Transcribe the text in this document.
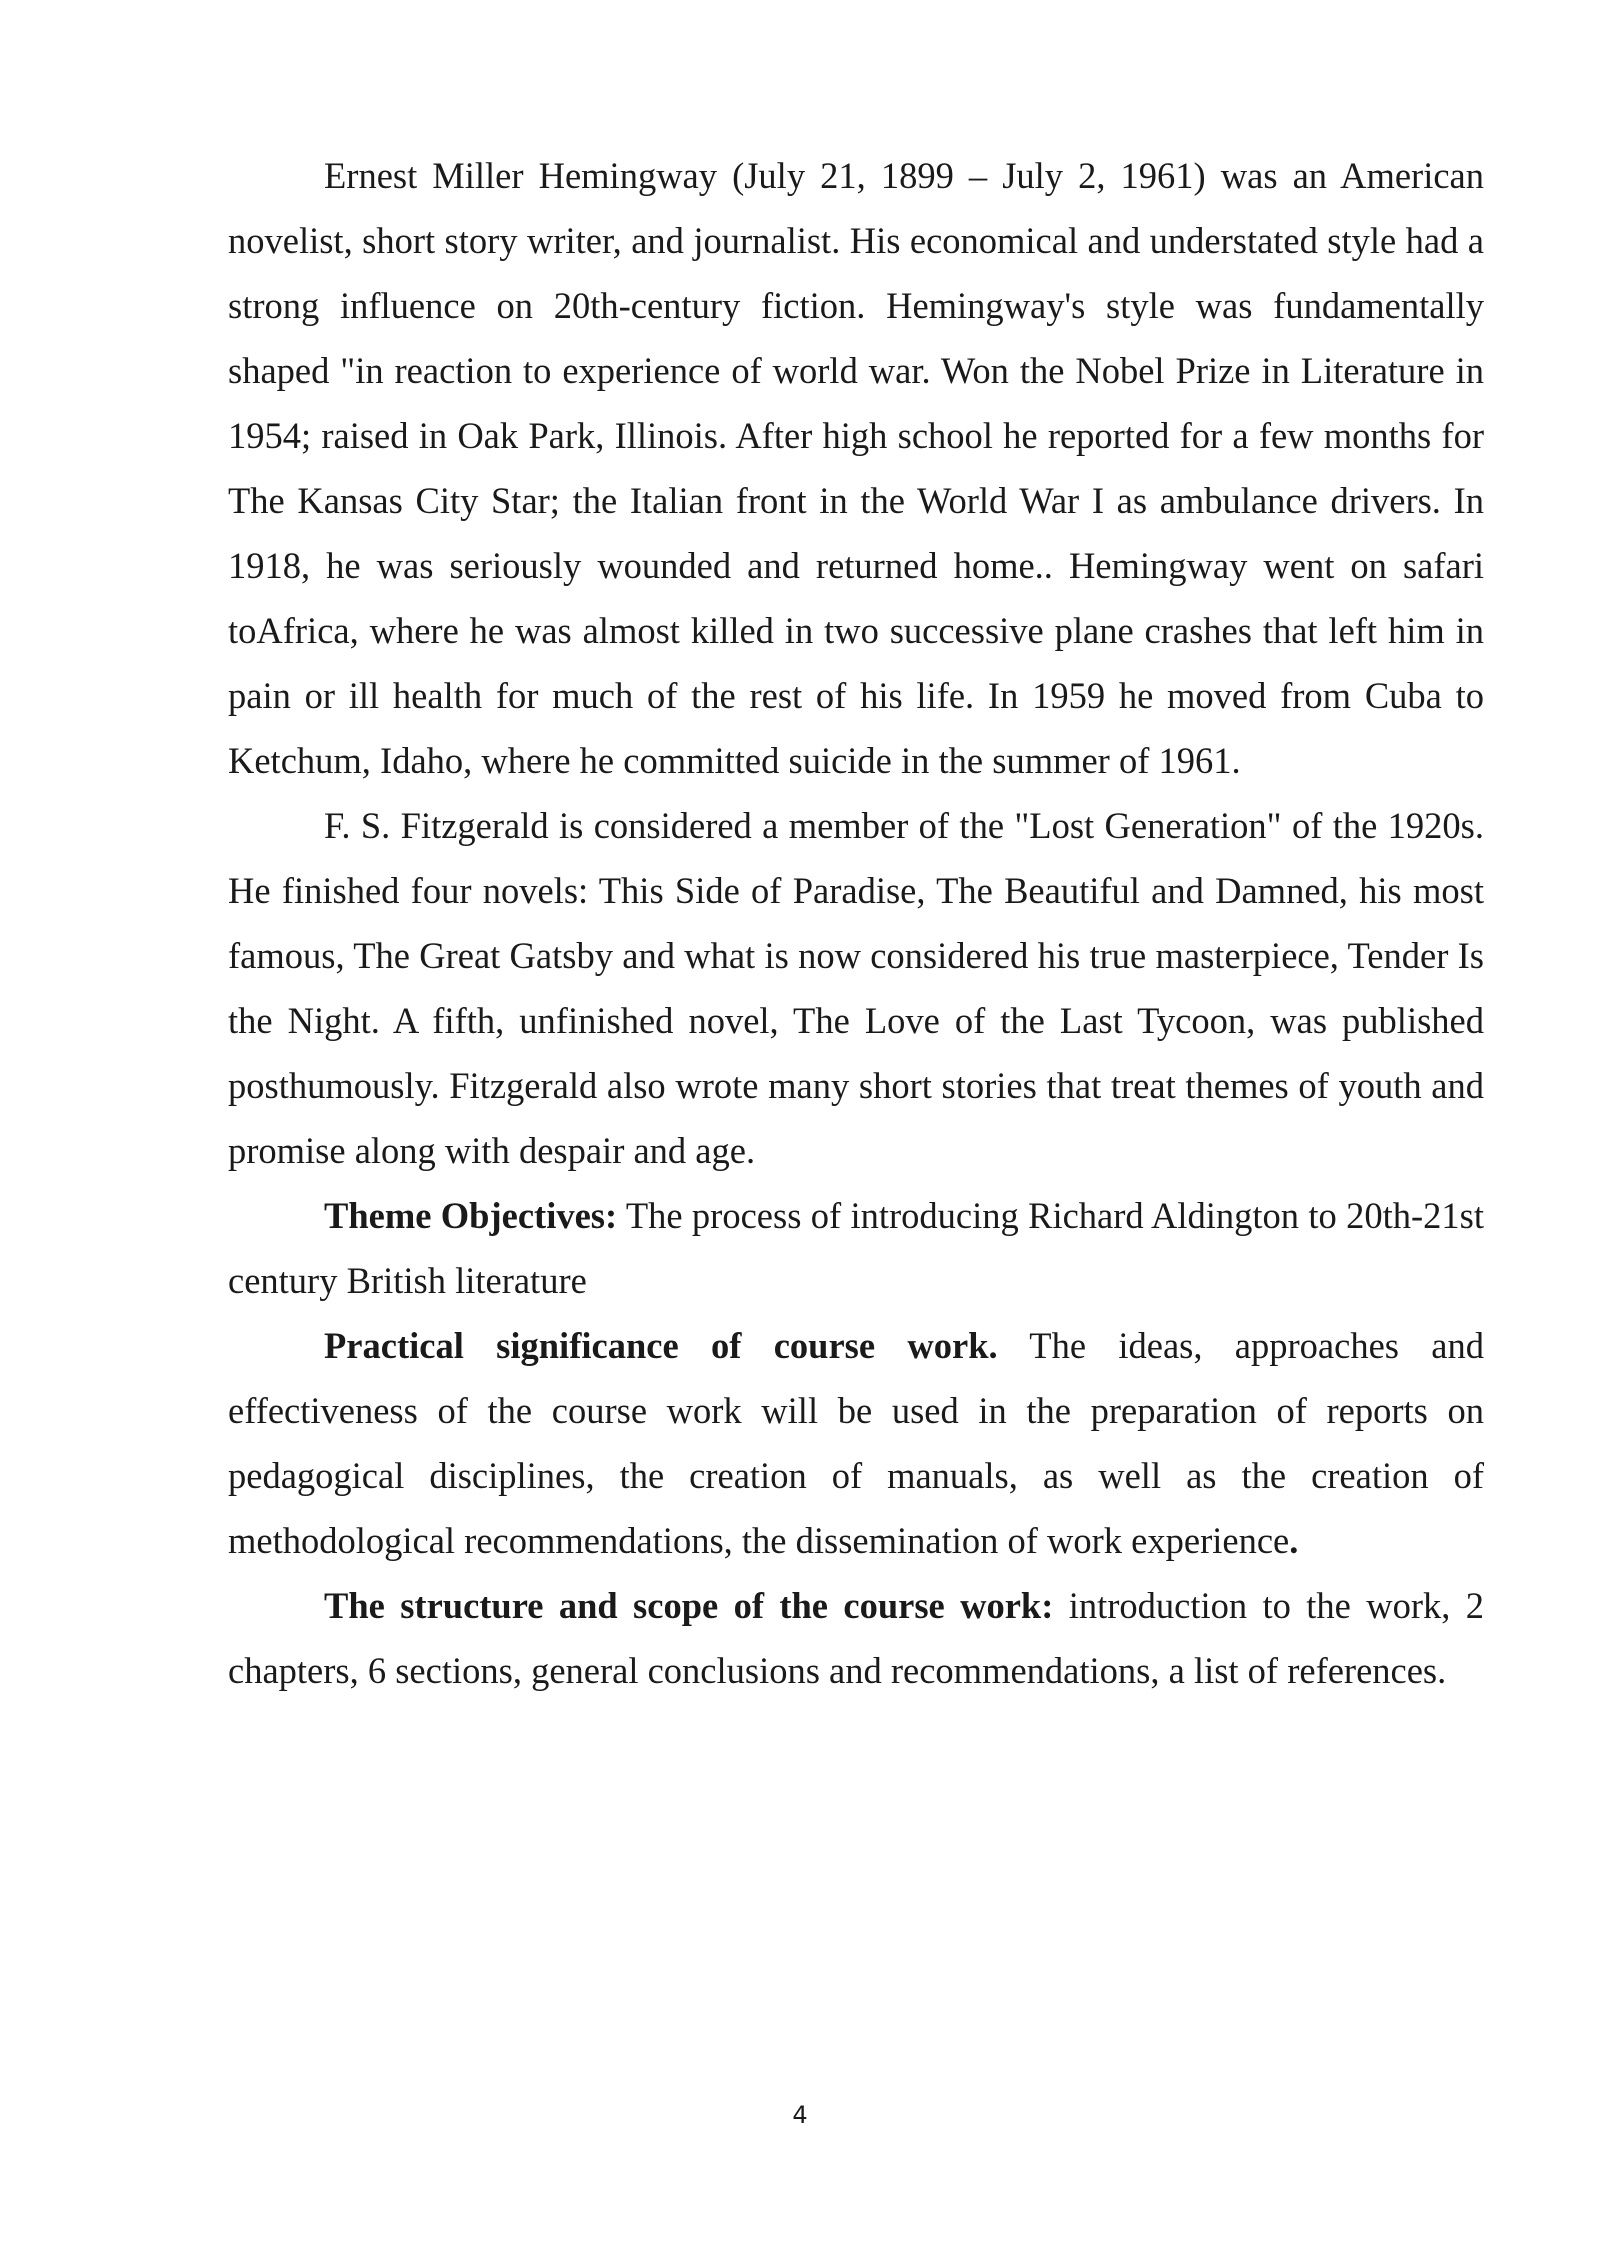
Ernest Miller Hemingway (July 21, 1899 – July 2, 1961) was an American novelist, short story writer, and journalist. His economical and understated style had a strong influence on 20th-century fiction. Hemingway's style was fundamentally shaped "in reaction to experience of world war. Won the Nobel Prize in Literature in 1954; raised in Oak Park, Illinois. After high school he reported for a few months for The Kansas City Star; the Italian front in the World War I as ambulance drivers. In 1918, he was seriously wounded and returned home.. Hemingway went on safari toAfrica, where he was almost killed in two successive plane crashes that left him in pain or ill health for much of the rest of his life. In 1959 he moved from Cuba to Ketchum, Idaho, where he committed suicide in the summer of 1961.

F. S. Fitzgerald is considered a member of the "Lost Generation" of the 1920s. He finished four novels: This Side of Paradise, The Beautiful and Damned, his most famous, The Great Gatsby and what is now considered his true masterpiece, Tender Is the Night. A fifth, unfinished novel, The Love of the Last Tycoon, was published posthumously. Fitzgerald also wrote many short stories that treat themes of youth and promise along with despair and age.

Theme Objectives: The process of introducing Richard Aldington to 20th-21st century British literature

Practical significance of course work. The ideas, approaches and effectiveness of the course work will be used in the preparation of reports on pedagogical disciplines, the creation of manuals, as well as the creation of methodological recommendations, the dissemination of work experience.

The structure and scope of the course work: introduction to the work, 2 chapters, 6 sections, general conclusions and recommendations, a list of references.

4
